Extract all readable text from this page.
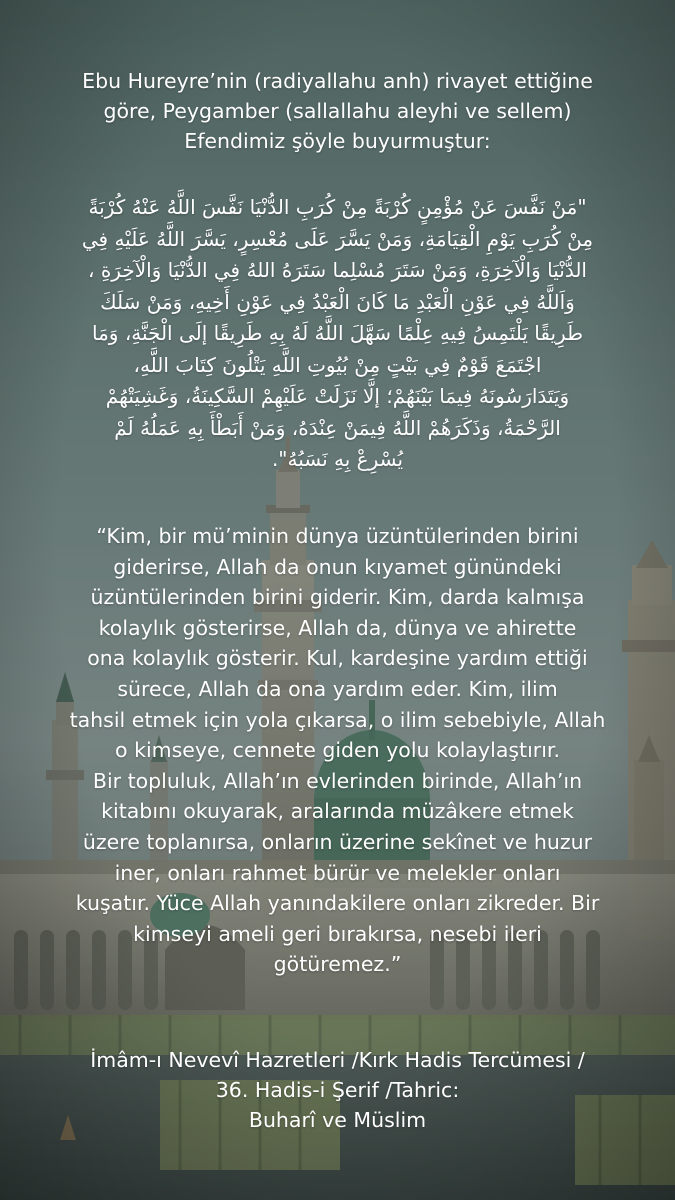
Ebu Hureyre’nin (radiyallahu anh) rivayet ettiğine
göre, Peygamber (sallallahu aleyhi ve sellem)
Efendimiz şöyle buyurmuştur:
"مَنْ نَفَّسَ عَنْ مُؤْمِنٍ كُرْبَةً مِنْ كُرَبِ الدُّنْيَا نَفَّسَ اللَّهُ عَنْهُ كُرْبَةً
مِنْ كُرَبِ يَوْمِ الْقِيَامَةِ، وَمَنْ يَسَّرَ عَلَى مُعْسِرٍ، يَسَّرَ اللَّهُ عَلَيْهِ فِي
الدُّنْيَا وَالْآخِرَةِ، وَمَنْ سَتَرَ مُسْلِما سَتَرَهُ اللهُ فِي الدُّنْيَا وَالْآخِرَةِ ،
وَاَللَّهُ فِي عَوْنِ الْعَبْدِ مَا كَانَ الْعَبْدُ فِي عَوْنِ أَخِيهِ، وَمَنْ سَلَكَ
طَرِيقًا يَلْتَمِسُ فِيهِ عِلْمًا سَهَّلَ اللَّهُ لَهُ بِهِ طَرِيقًا إلَى الْجَنَّةِ، وَمَا
اجْتَمَعَ قَوْمٌ فِي بَيْتٍ مِنْ بُيُوتِ اللَّهِ يَتْلُونَ كِتَابَ اللَّهِ،
وَيَتَدَارَسُونَهُ فِيمَا بَيْنَهُمْ؛ إلَّا نَزَلَتْ عَلَيْهِمْ السَّكِينَةُ، وَغَشِيَتْهُمْ
الرَّحْمَةُ، وَذَكَرَهُمْ اللَّهُ فِيمَنْ عِنْدَهُ، وَمَنْ أَبَطْأَ بِهِ عَمَلُهُ لَمْ
يُسْرِعْ بِهِ نَسَبُهُ".
“Kim, bir mü’minin dünya üzüntülerinden birini
giderirse, Allah da onun kıyamet günündeki
üzüntülerinden birini giderir. Kim, darda kalmışa
kolaylık gösterirse, Allah da, dünya ve ahirette
ona kolaylık gösterir. Kul, kardeşine yardım ettiği
sürece, Allah da ona yardım eder. Kim, ilim
tahsil etmek için yola çıkarsa, o ilim sebebiyle, Allah
o kimseye, cennete giden yolu kolaylaştırır.
Bir topluluk, Allah’ın evlerinden birinde, Allah’ın
kitabını okuyarak, aralarında müzâkere etmek
üzere toplanırsa, onların üzerine sekînet ve huzur
iner, onları rahmet bürür ve melekler onları
kuşatır. Yüce Allah yanındakilere onları zikreder. Bir
kimseyi ameli geri bırakırsa, nesebi ileri
götüremez.”
İmâm-ı Nevevî Hazretleri /Kırk Hadis Tercümesi /
36. Hadis-i Şerif /Tahric:
Buharî ve Müslim
